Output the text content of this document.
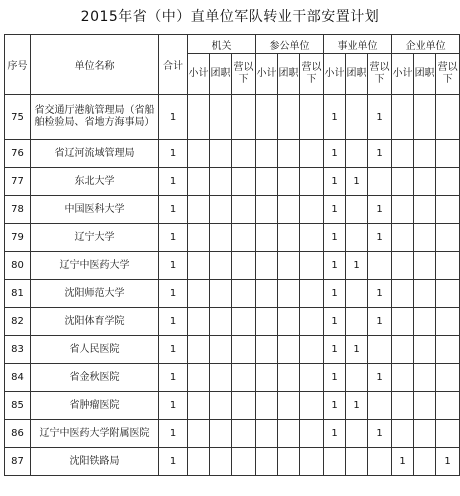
2015年省（中）直单位军队转业干部安置计划
序号	单位名称	合计	机关			参公单位			事业单位			企业单位		
			小计	团职	营以下	小计	团职	营以下	小计	团职	营以下	小计	团职	营以下
75	省交通厅港航管理局（省船舶检验局、省地方海事局）	1							1		1			
76	省辽河流域管理局	1							1		1			
77	东北大学	1							1	1				
78	中国医科大学	1							1		1			
79	辽宁大学	1							1		1			
80	辽宁中医药大学	1							1	1				
81	沈阳师范大学	1							1		1			
82	沈阳体育学院	1							1		1			
83	省人民医院	1							1	1				
84	省金秋医院	1							1		1			
85	省肿瘤医院	1							1	1				
86	辽宁中医药大学附属医院	1							1		1			
87	沈阳铁路局	1										1		1
